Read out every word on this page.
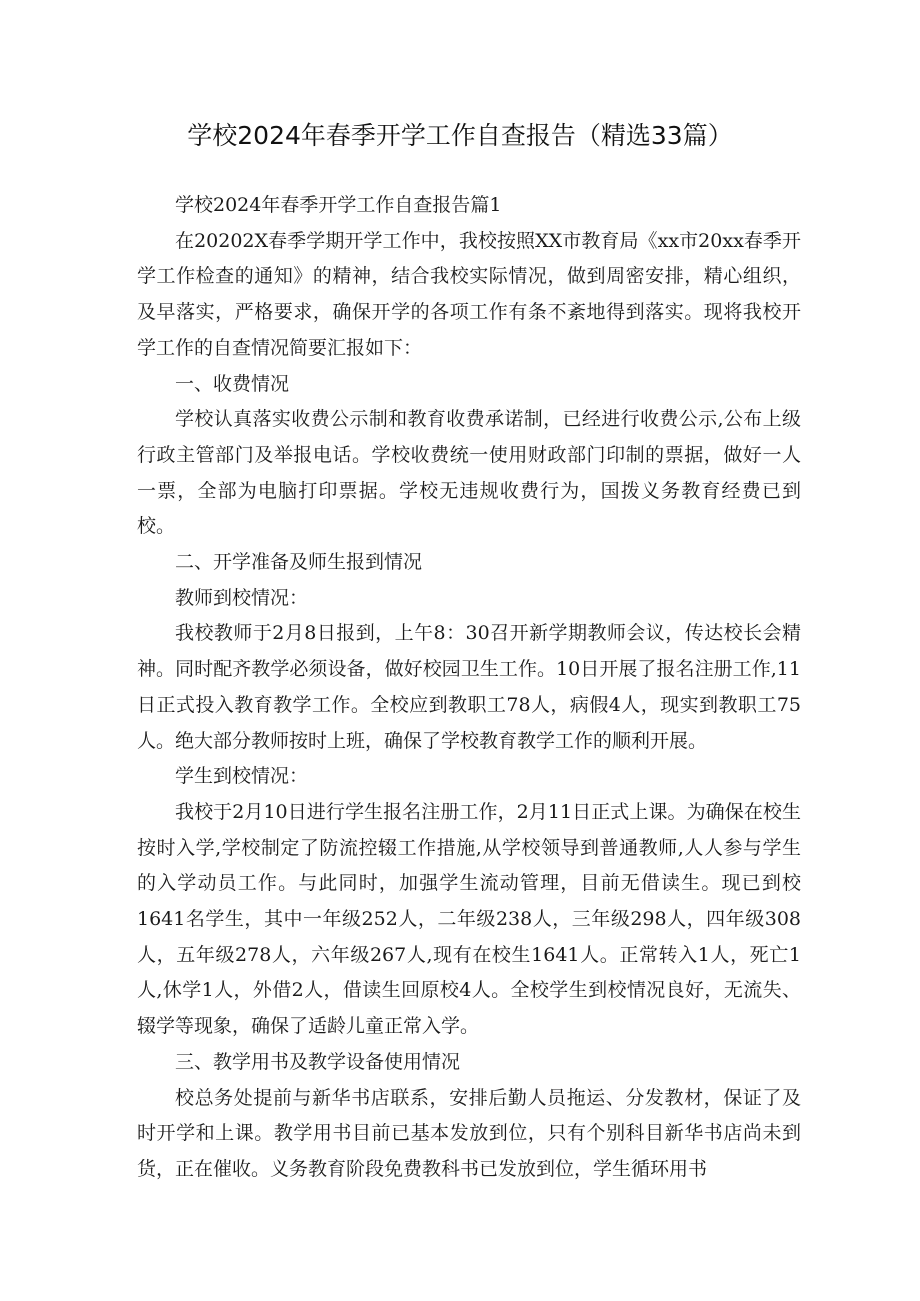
学校2024年春季开学工作自查报告（精选33篇）

学校2024年春季开学工作自查报告篇1

在20202X春季学期开学工作中，我校按照XX市教育局《xx市20xx春季开学工作检查的通知》的精神，结合我校实际情况，做到周密安排，精心组织，及早落实，严格要求，确保开学的各项工作有条不紊地得到落实。现将我校开学工作的自查情况简要汇报如下：

一、收费情况

学校认真落实收费公示制和教育收费承诺制，已经进行收费公示,公布上级行政主管部门及举报电话。学校收费统一使用财政部门印制的票据，做好一人一票，全部为电脑打印票据。学校无违规收费行为，国拨义务教育经费已到校。

二、开学准备及师生报到情况

教师到校情况：

我校教师于2月8日报到，上午8：30召开新学期教师会议，传达校长会精神。同时配齐教学必须设备，做好校园卫生工作。10日开展了报名注册工作,11日正式投入教育教学工作。全校应到教职工78人，病假4人，现实到教职工75人。绝大部分教师按时上班，确保了学校教育教学工作的顺利开展。

学生到校情况：

我校于2月10日进行学生报名注册工作，2月11日正式上课。为确保在校生按时入学,学校制定了防流控辍工作措施,从学校领导到普通教师,人人参与学生的入学动员工作。与此同时，加强学生流动管理，目前无借读生。现已到校1641名学生，其中一年级252人，二年级238人，三年级298人，四年级308人，五年级278人，六年级267人,现有在校生1641人。正常转入1人，死亡1人,休学1人，外借2人，借读生回原校4人。全校学生到校情况良好，无流失、辍学等现象，确保了适龄儿童正常入学。

三、教学用书及教学设备使用情况

校总务处提前与新华书店联系，安排后勤人员拖运、分发教材，保证了及时开学和上课。教学用书目前已基本发放到位，只有个别科目新华书店尚未到货，正在催收。义务教育阶段免费教科书已发放到位，学生循环用书
